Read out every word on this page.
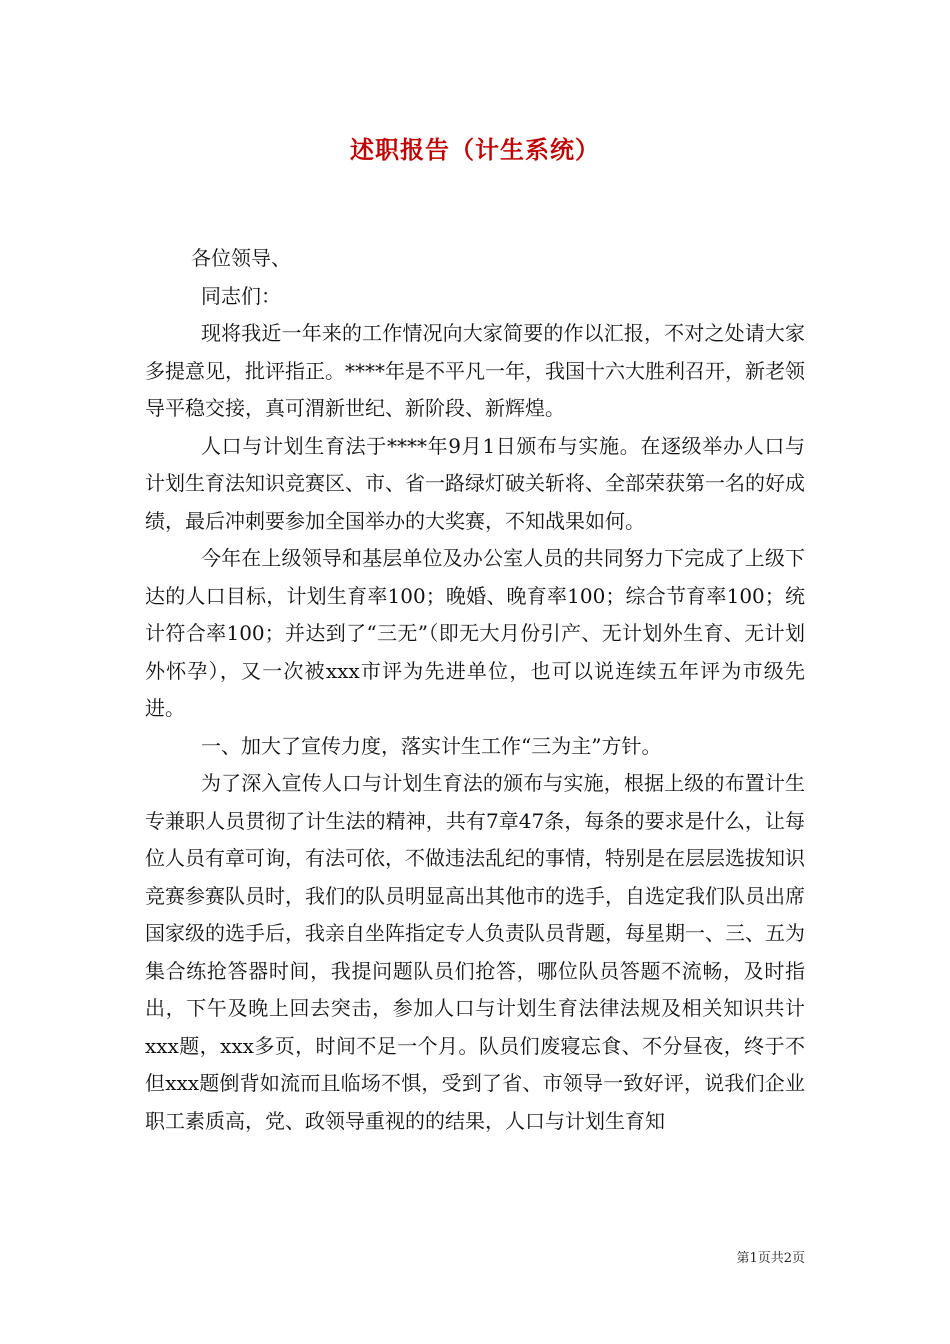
述职报告（计生系统）

各位领导、

同志们：

现将我近一年来的工作情况向大家简要的作以汇报，不对之处请大家多提意见，批评指正。****年是不平凡一年，我国十六大胜利召开，新老领导平稳交接，真可渭新世纪、新阶段、新辉煌。

人口与计划生育法于****年9月1日颁布与实施。在逐级举办人口与计划生育法知识竞赛区、市、省一路绿灯破关斩将、全部荣获第一名的好成绩，最后冲刺要参加全国举办的大奖赛，不知战果如何。

今年在上级领导和基层单位及办公室人员的共同努力下完成了上级下达的人口目标，计划生育率100；晚婚、晚育率100；综合节育率100；统计符合率100；并达到了“三无”（即无大月份引产、无计划外生育、无计划外怀孕），又一次被xxx市评为先进单位，也可以说连续五年评为市级先进。

一、加大了宣传力度，落实计生工作“三为主”方针。

为了深入宣传人口与计划生育法的颁布与实施，根据上级的布置计生专兼职人员贯彻了计生法的精神，共有7章47条，每条的要求是什么，让每位人员有章可询，有法可依，不做违法乱纪的事情，特别是在层层选拔知识竞赛参赛队员时，我们的队员明显高出其他市的选手，自选定我们队员出席国家级的选手后，我亲自坐阵指定专人负责队员背题，每星期一、三、五为集合练抢答器时间，我提问题队员们抢答，哪位队员答题不流畅，及时指出，下午及晚上回去突击，参加人口与计划生育法律法规及相关知识共计xxx题，xxx多页，时间不足一个月。队员们废寝忘食、不分昼夜，终于不但xxx题倒背如流而且临场不惧，受到了省、市领导一致好评，说我们企业职工素质高，党、政领导重视的的结果，人口与计划生育知

第1页共2页
